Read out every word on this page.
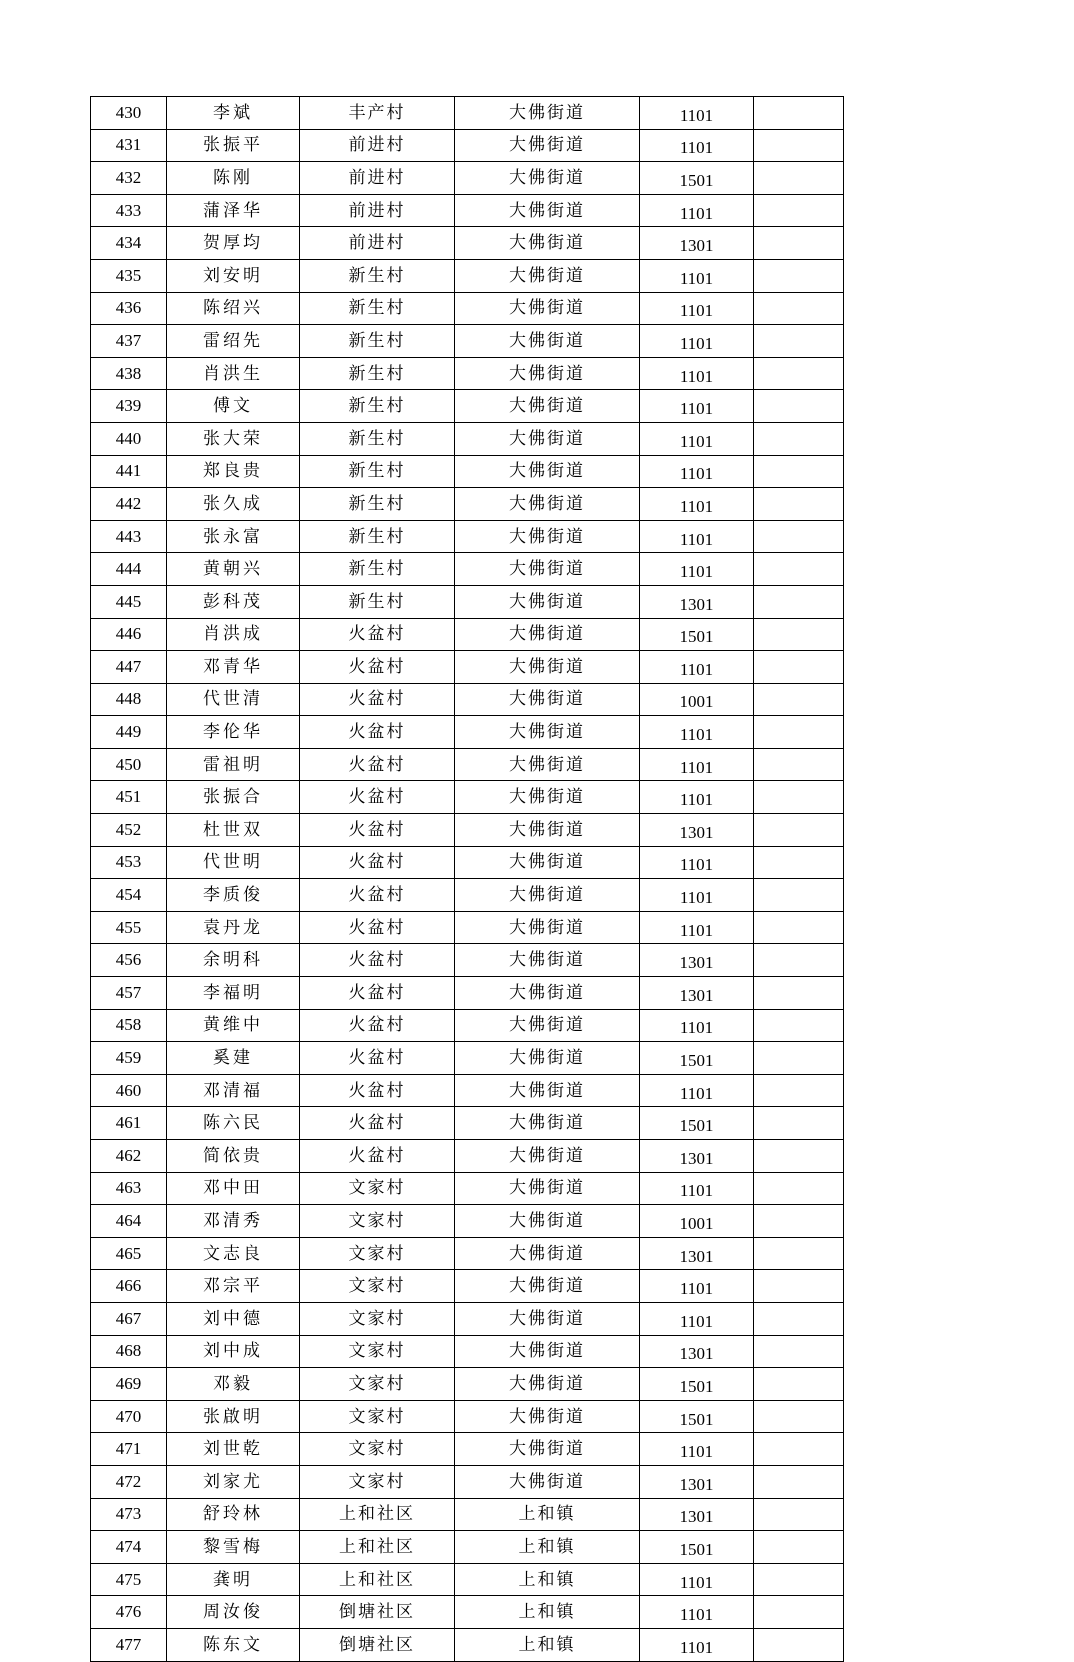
430	李斌	丰产村	大佛街道	1101	
431	张振平	前进村	大佛街道	1101	
432	陈刚	前进村	大佛街道	1501	
433	蒲泽华	前进村	大佛街道	1101	
434	贺厚均	前进村	大佛街道	1301	
435	刘安明	新生村	大佛街道	1101	
436	陈绍兴	新生村	大佛街道	1101	
437	雷绍先	新生村	大佛街道	1101	
438	肖洪生	新生村	大佛街道	1101	
439	傅文	新生村	大佛街道	1101	
440	张大荣	新生村	大佛街道	1101	
441	郑良贵	新生村	大佛街道	1101	
442	张久成	新生村	大佛街道	1101	
443	张永富	新生村	大佛街道	1101	
444	黄朝兴	新生村	大佛街道	1101	
445	彭科茂	新生村	大佛街道	1301	
446	肖洪成	火盆村	大佛街道	1501	
447	邓青华	火盆村	大佛街道	1101	
448	代世清	火盆村	大佛街道	1001	
449	李伦华	火盆村	大佛街道	1101	
450	雷祖明	火盆村	大佛街道	1101	
451	张振合	火盆村	大佛街道	1101	
452	杜世双	火盆村	大佛街道	1301	
453	代世明	火盆村	大佛街道	1101	
454	李质俊	火盆村	大佛街道	1101	
455	袁丹龙	火盆村	大佛街道	1101	
456	余明科	火盆村	大佛街道	1301	
457	李福明	火盆村	大佛街道	1301	
458	黄维中	火盆村	大佛街道	1101	
459	奚建	火盆村	大佛街道	1501	
460	邓清福	火盆村	大佛街道	1101	
461	陈六民	火盆村	大佛街道	1501	
462	简依贵	火盆村	大佛街道	1301	
463	邓中田	文家村	大佛街道	1101	
464	邓清秀	文家村	大佛街道	1001	
465	文志良	文家村	大佛街道	1301	
466	邓宗平	文家村	大佛街道	1101	
467	刘中德	文家村	大佛街道	1101	
468	刘中成	文家村	大佛街道	1301	
469	邓毅	文家村	大佛街道	1501	
470	张啟明	文家村	大佛街道	1501	
471	刘世乾	文家村	大佛街道	1101	
472	刘家尤	文家村	大佛街道	1301	
473	舒玲林	上和社区	上和镇	1301	
474	黎雪梅	上和社区	上和镇	1501	
475	龚明	上和社区	上和镇	1101	
476	周汝俊	倒塘社区	上和镇	1101	
477	陈东文	倒塘社区	上和镇	1101	
